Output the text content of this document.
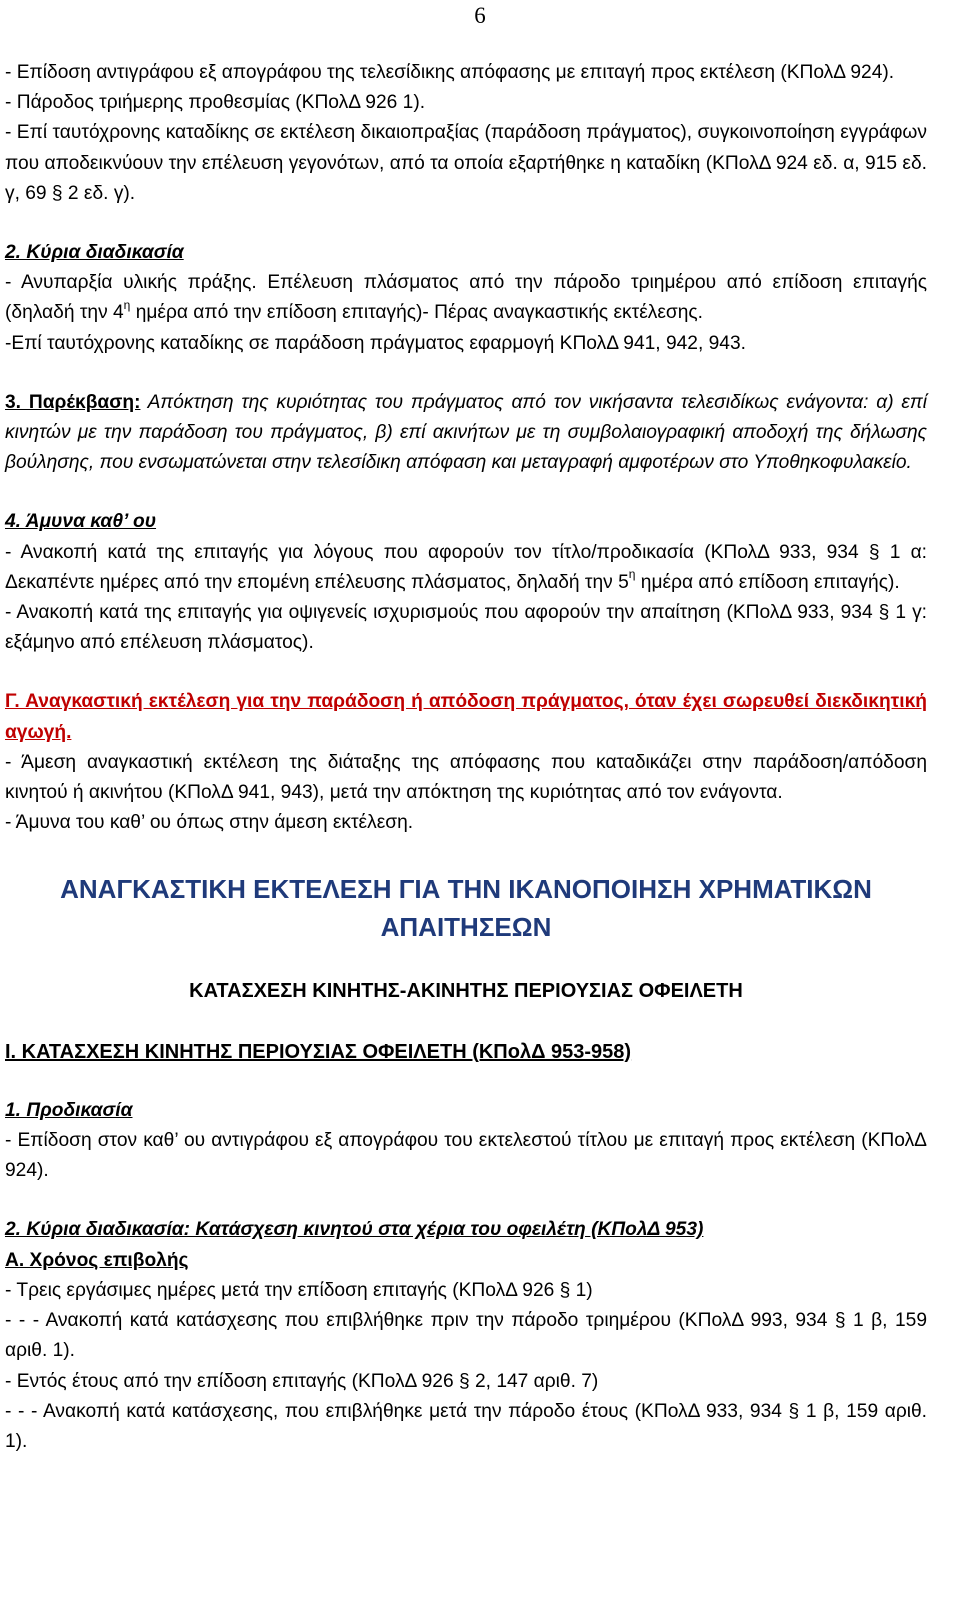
6

- Επίδοση αντιγράφου εξ απογράφου της τελεσίδικης απόφασης με επιταγή προς εκτέλεση (ΚΠολΔ 924).

- Πάροδος τριήμερης προθεσμίας (ΚΠολΔ 926 1).

- Επί ταυτόχρονης καταδίκης σε εκτέλεση δικαιοπραξίας (παράδοση πράγματος), συγκοινοποίηση εγγράφων που αποδεικνύουν την επέλευση γεγονότων, από τα οποία εξαρτήθηκε η καταδίκη (ΚΠολΔ 924 εδ. α, 915 εδ. γ, 69 § 2 εδ. γ).

2. Κύρια διαδικασία

- Ανυπαρξία υλικής πράξης. Επέλευση πλάσματος από την πάροδο τριημέρου από επίδοση επιταγής (δηλαδή την $4^\eta$ ημέρα από την επίδοση επιταγής)- Πέρας αναγκαστικής εκτέλεσης.

-Επί ταυτόχρονης καταδίκης σε παράδοση πράγματος εφαρμογή ΚΠολΔ 941, 942, 943.

3. Παρέκβαση: Απόκτηση της κυριότητας του πράγματος από τον νικήσαντα τελεσιδίκως ενάγοντα: α) επί κινητών με την παράδοση του πράγματος, β) επί ακινήτων με τη συμβολαιογραφική αποδοχή της δήλωσης βούλησης, που ενσωματώνεται στην τελεσίδικη απόφαση και μεταγραφή αμφοτέρων στο Υποθηκοφυλακείο.

4. Άμυνα καθ’ ου

- Ανακοπή κατά της επιταγής για λόγους που αφορούν τον τίτλο/προδικασία (ΚΠολΔ 933, 934 § 1 α: Δεκαπέντε ημέρες από την επομένη επέλευσης πλάσματος, δηλαδή την $5^\eta$ ημέρα από επίδοση επιταγής).

- Ανακοπή κατά της επιταγής για οψιγενείς ισχυρισμούς που αφορούν την απαίτηση (ΚΠολΔ 933, 934 § 1 γ: εξάμηνο από επέλευση πλάσματος).

Γ. Αναγκαστική εκτέλεση για την παράδοση ή απόδοση πράγματος, όταν έχει σωρευθεί διεκδικητική αγωγή.

- Άμεση αναγκαστική εκτέλεση της διάταξης της απόφασης που καταδικάζει στην παράδοση/απόδοση κινητού ή ακινήτου (ΚΠολΔ 941, 943), μετά την απόκτηση της κυριότητας από τον ενάγοντα.

- Άμυνα του καθ’ ου όπως στην άμεση εκτέλεση.

ΑΝΑΓΚΑΣΤΙΚΗ ΕΚΤΕΛΕΣΗ ΓΙΑ ΤΗΝ ΙΚΑΝΟΠΟΙΗΣΗ ΧΡΗΜΑΤΙΚΩΝ ΑΠΑΙΤΗΣΕΩΝ

ΚΑΤΑΣΧΕΣΗ ΚΙΝΗΤΗΣ-ΑΚΙΝΗΤΗΣ ΠΕΡΙΟΥΣΙΑΣ ΟΦΕΙΛΕΤΗ

Ι. ΚΑΤΑΣΧΕΣΗ ΚΙΝΗΤΗΣ ΠΕΡΙΟΥΣΙΑΣ ΟΦΕΙΛΕΤΗ (ΚΠολΔ 953-958)

1. Προδικασία

- Επίδοση στον καθ’ ου αντιγράφου εξ απογράφου του εκτελεστού τίτλου με επιταγή προς εκτέλεση (ΚΠολΔ 924).

2. Κύρια διαδικασία: Κατάσχεση κινητού στα χέρια του οφειλέτη (ΚΠολΔ 953)

Α. Χρόνος επιβολής

- Τρεις εργάσιμες ημέρες μετά την επίδοση επιταγής (ΚΠολΔ 926 § 1)

- - - Ανακοπή κατά κατάσχεσης που επιβλήθηκε πριν την πάροδο τριημέρου (ΚΠολΔ 993, 934 § 1 β, 159 αριθ. 1).

- Εντός έτους από την επίδοση επιταγής (ΚΠολΔ 926 § 2, 147 αριθ. 7)

- - - Ανακοπή κατά κατάσχεσης, που επιβλήθηκε μετά την πάροδο έτους (ΚΠολΔ 933, 934 § 1 β, 159 αριθ. 1).
